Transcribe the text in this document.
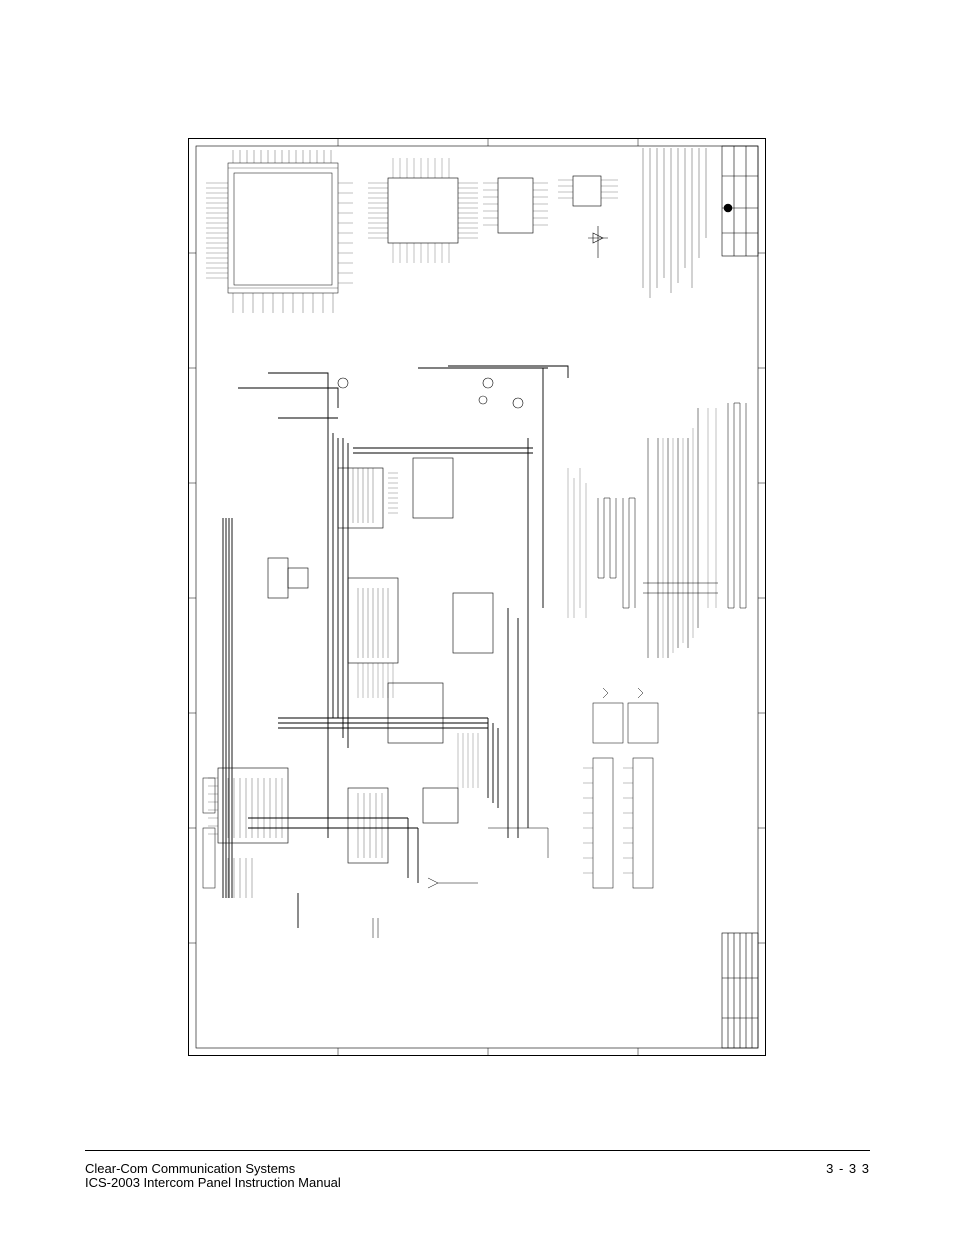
Clear-Com Communication Systems
ICS-2003 Intercom Panel Instruction Manual
3 - 3 3
